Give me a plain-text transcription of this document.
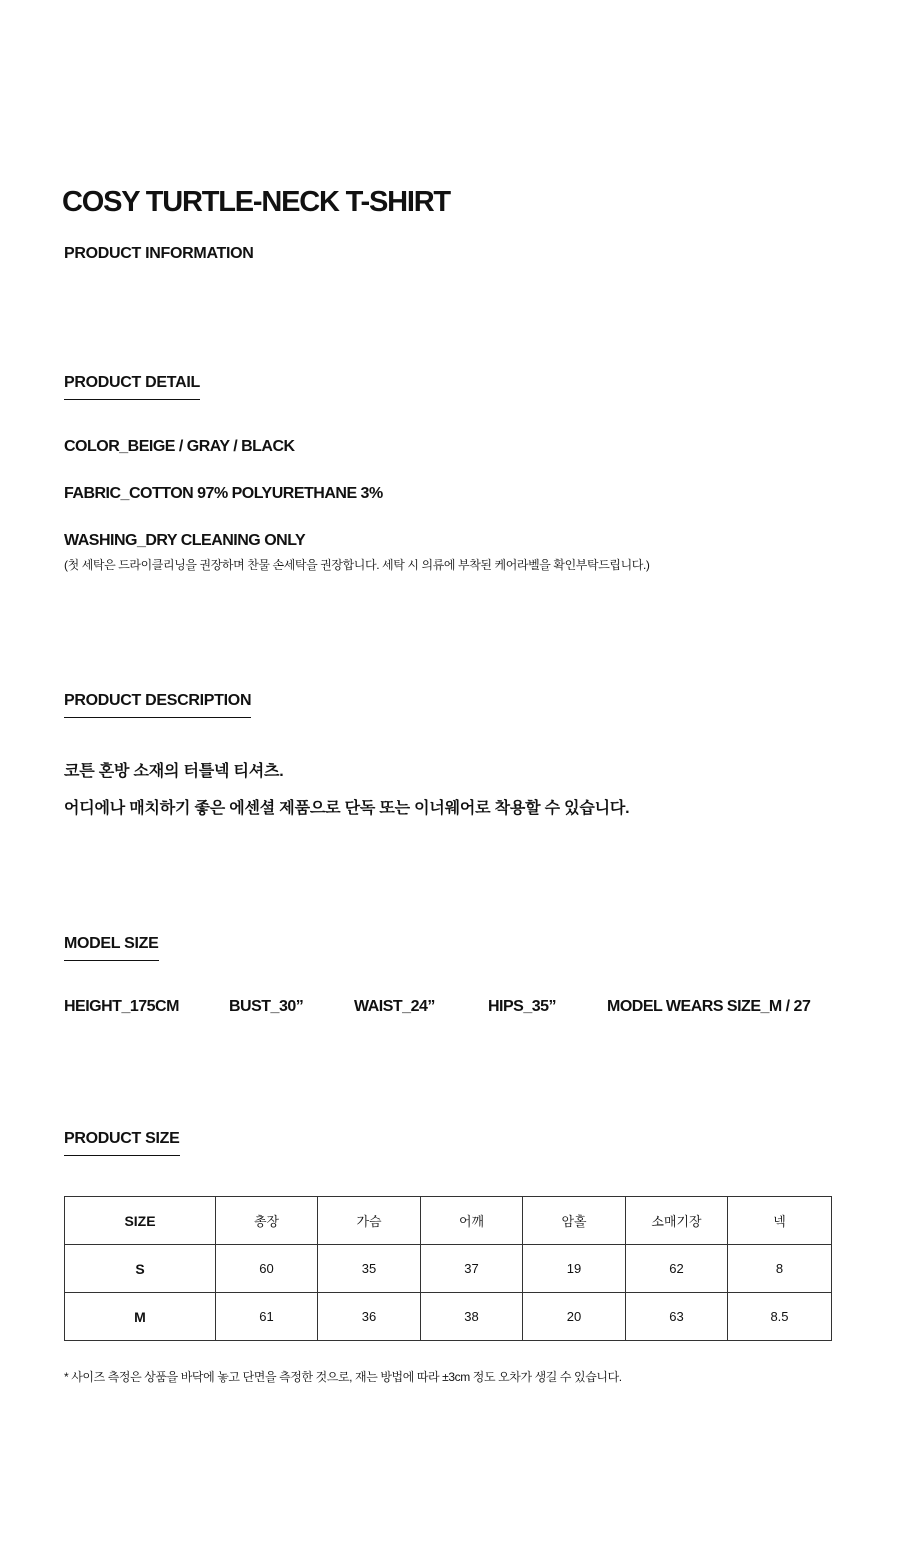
COSY TURTLE-NECK T-SHIRT
PRODUCT INFORMATION
PRODUCT DETAIL
COLOR_BEIGE / GRAY / BLACK
FABRIC_COTTON 97% POLYURETHANE 3%
WASHING_DRY CLEANING ONLY
(첫 세탁은 드라이클리닝을 권장하며 찬물 손세탁을 권장합니다. 세탁 시 의류에 부착된 케어라벨을 확인부탁드립니다.)
PRODUCT DESCRIPTION
코튼 혼방 소재의 터틀넥 티셔츠.
어디에나 매치하기 좋은 에센셜 제품으로 단독 또는 이너웨어로 착용할 수 있습니다.
MODEL SIZE
HEIGHT_175CM	BUST_30”	WAIST_24”	HIPS_35”	MODEL WEARS SIZE_M / 27
PRODUCT SIZE
SIZE	총장	가슴	어깨	암홀	소매기장	넥
S	60	35	37	19	62	8
M	61	36	38	20	63	8.5
* 사이즈 측정은 상품을 바닥에 놓고 단면을 측정한 것으로, 재는 방법에 따라 ±3cm 정도 오차가 생길 수 있습니다.
